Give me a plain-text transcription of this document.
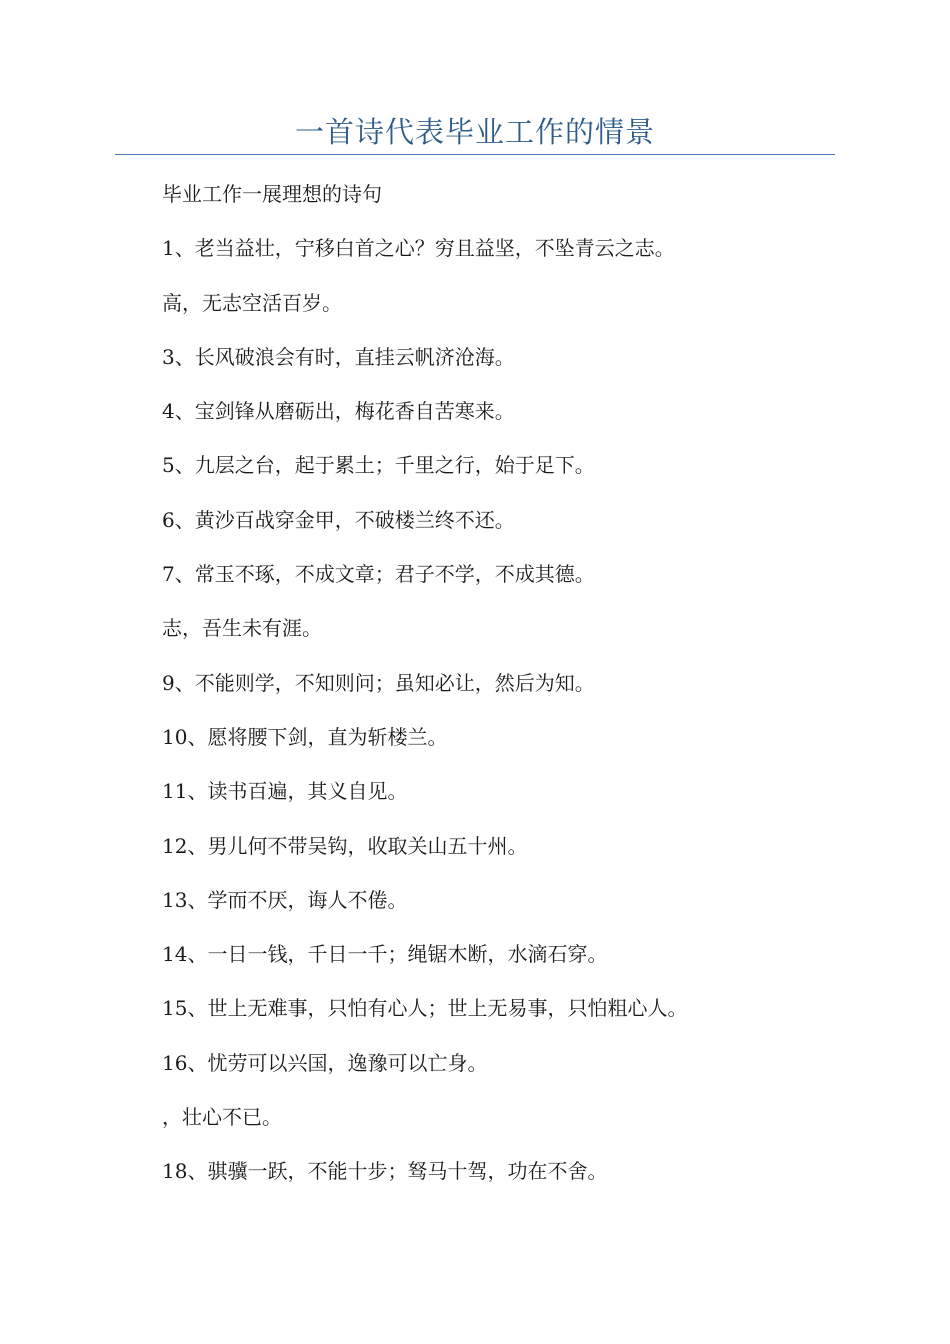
一首诗代表毕业工作的情景
毕业工作一展理想的诗句
1、老当益壮，宁移白首之心？穷且益坚，不坠青云之志。
高，无志空活百岁。
3、长风破浪会有时，直挂云帆济沧海。
4、宝剑锋从磨砺出，梅花香自苦寒来。
5、九层之台，起于累土；千里之行，始于足下。
6、黄沙百战穿金甲，不破楼兰终不还。
7、常玉不琢，不成文章；君子不学，不成其德。
志，吾生未有涯。
9、不能则学，不知则问；虽知必让，然后为知。
10、愿将腰下剑，直为斩楼兰。
11、读书百遍，其义自见。
12、男儿何不带吴钩，收取关山五十州。
13、学而不厌，诲人不倦。
14、一日一钱，千日一千；绳锯木断，水滴石穿。
15、世上无难事，只怕有心人；世上无易事，只怕粗心人。
16、忧劳可以兴国，逸豫可以亡身。
，壮心不已。
18、骐骥一跃，不能十步；驽马十驾，功在不舍。
